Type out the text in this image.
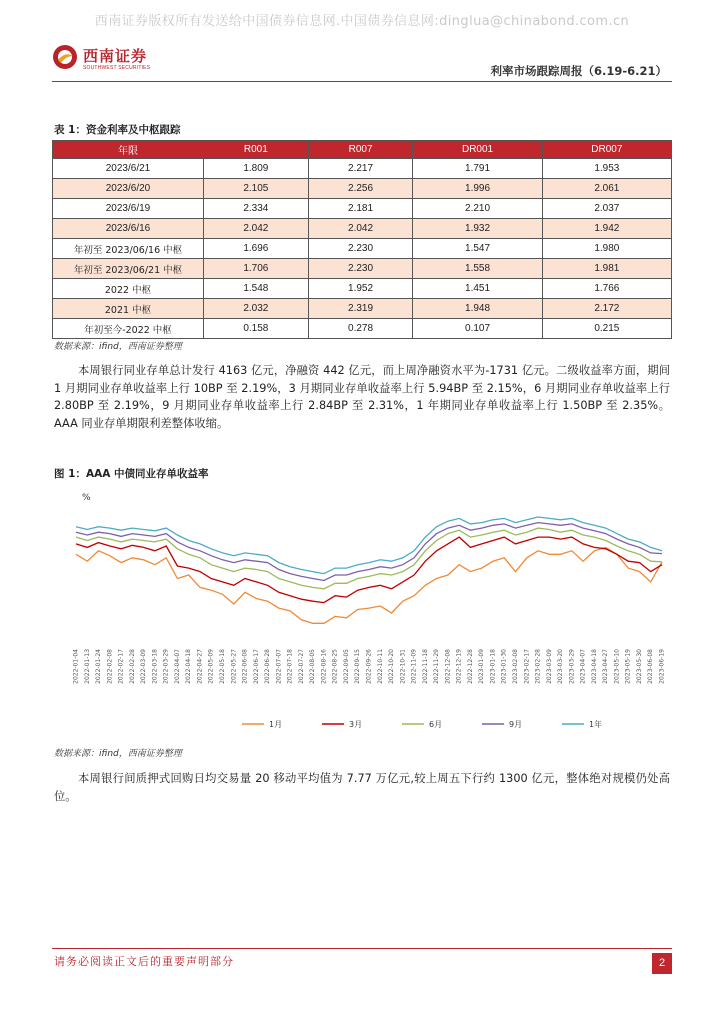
西南证券版权所有发送给中国债券信息网.中国债券信息网:dinglua@chinabond.com.cn
西南证券
SOUTHWEST SECURITIES	利率市场跟踪周报（6.19-6.21）
表 1：资金利率及中枢跟踪
年限	R001	R007	DR001	DR007
2023/6/21	1.809	2.217	1.791	1.953
2023/6/20	2.105	2.256	1.996	2.061
2023/6/19	2.334	2.181	2.210	2.037
2023/6/16	2.042	2.042	1.932	1.942
年初至 2023/06/16 中枢	1.696	2.230	1.547	1.980
年初至 2023/06/21 中枢	1.706	2.230	1.558	1.981
2022 中枢	1.548	1.952	1.451	1.766
2021 中枢	2.032	2.319	1.948	2.172
年初至今-2022 中枢	0.158	0.278	0.107	0.215
数据来源：ifind，西南证券整理

本周银行同业存单总计发行 4163 亿元，净融资 442 亿元，而上周净融资水平为-1731 亿元。二级收益率方面，期间 1 月期同业存单收益率上行 10BP 至 2.19%，3 月期同业存单收益率上行 5.94BP 至 2.15%，6 月期同业存单收益率上行 2.80BP 至 2.19%，9 月期同业存单收益率上行 2.84BP 至 2.31%，1 年期同业存单收益率上行 1.50BP 至 2.35%。AAA 同业存单期限利差整体收缩。

图 1：AAA 中债同业存单收益率
%
2022-01-04 2022-01-13 2022-01-24 2022-02-08 2022-02-17 2022-02-28 2022-03-09 2022-03-18 2022-03-29 2022-04-07 2022-04-18 2022-04-27 2022-05-09 2022-05-18 2022-05-27 2022-06-08 2022-06-17 2022-06-28 2022-07-07 2022-07-18 2022-07-27 2022-08-05 2022-08-16 2022-08-25 2022-09-05 2022-09-15 2022-09-26 2022-10-11 2022-10-20 2022-10-31 2022-11-09 2022-11-18 2022-11-29 2022-12-08 2022-12-19 2022-12-28 2023-01-09 2023-01-18 2023-01-30 2023-02-08 2023-02-17 2023-02-28 2023-03-09 2023-03-20 2023-03-29 2023-04-07 2023-04-18 2023-04-27 2023-05-10 2023-05-19 2023-05-30 2023-06-08 2023-06-19
1月	3月	6月	9月	1年
数据来源：ifind，西南证券整理

本周银行间质押式回购日均交易量 20 移动平均值为 7.77 万亿元,较上周五下行约 1300 亿元，整体绝对规模仍处高位。

请务必阅读正文后的重要声明部分	2
